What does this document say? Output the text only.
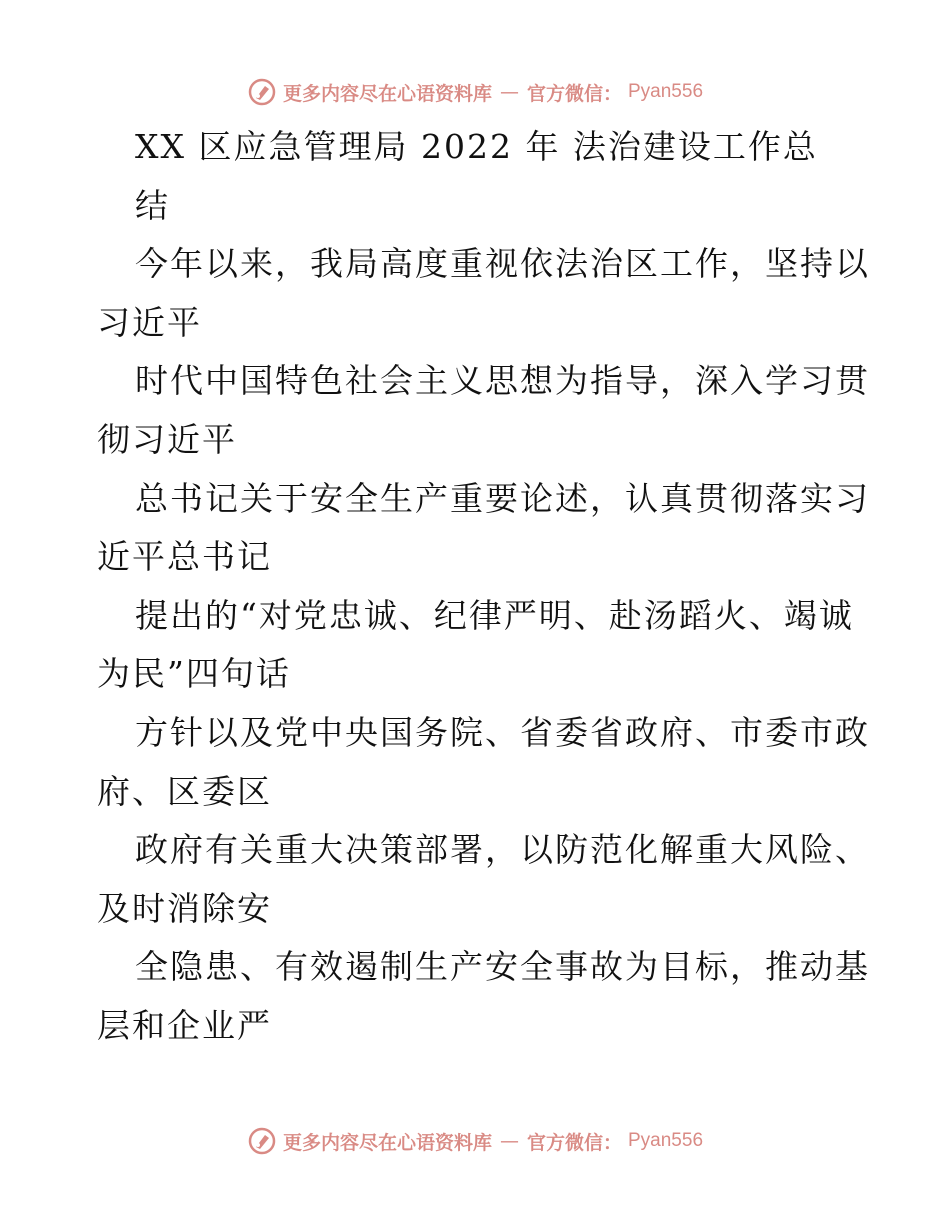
更多内容尽在心语资料库 — 官方微信： Pyan556
XX 区应急管理局 2022 年 法治建设工作总
结
今年以来，我局高度重视依法治区工作，坚持以
习近平
时代中国特色社会主义思想为指导，深入学习贯
彻习近平
总书记关于安全生产重要论述，认真贯彻落实习
近平总书记
提出的“对党忠诚、纪律严明、赴汤蹈火、竭诚
为民”四句话
方针以及党中央国务院、省委省政府、市委市政
府、区委区
政府有关重大决策部署，以防范化解重大风险、
及时消除安
全隐患、有效遏制生产安全事故为目标，推动基
层和企业严
更多内容尽在心语资料库 — 官方微信： Pyan556
